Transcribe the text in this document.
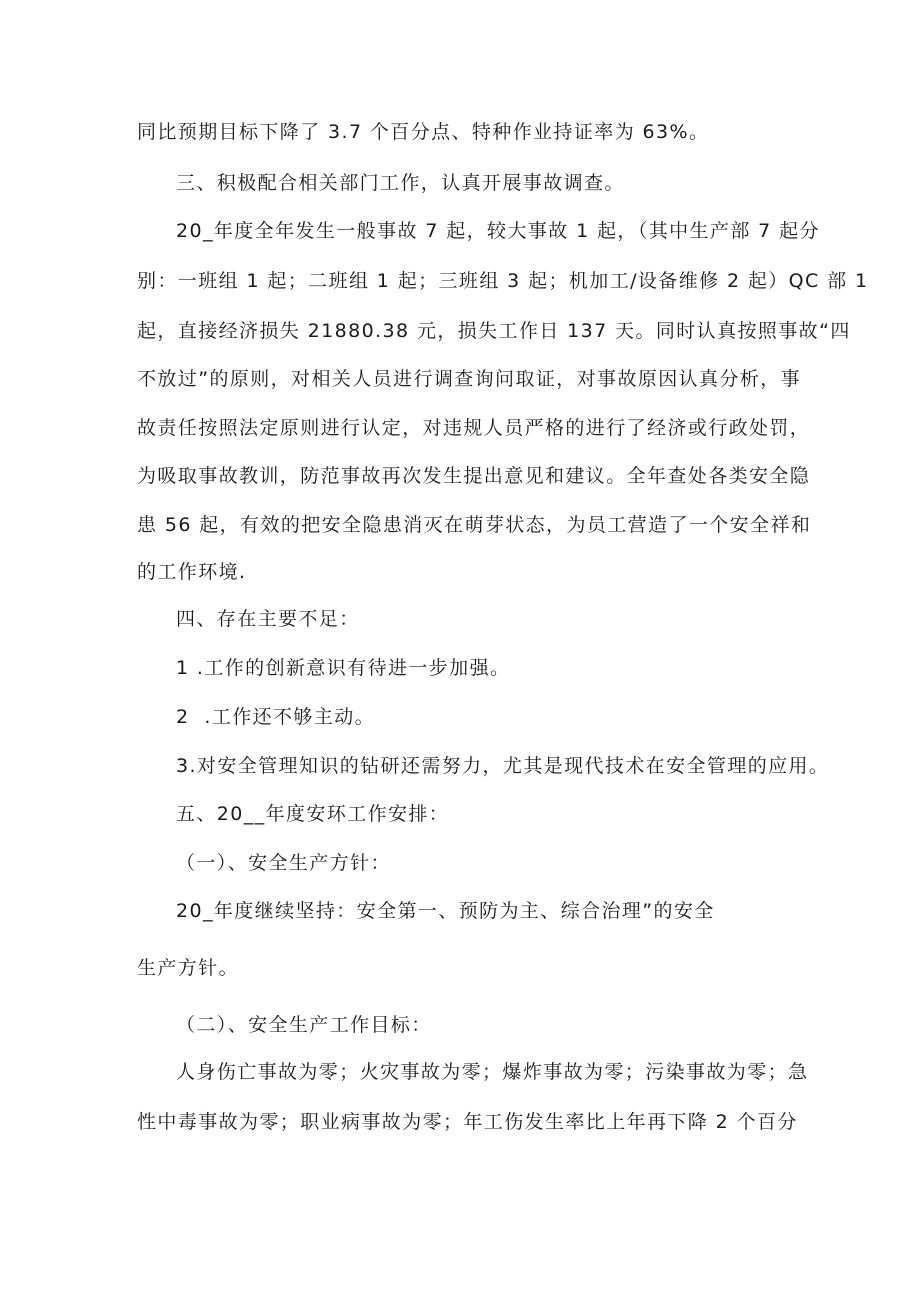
同比预期目标下降了 3.7 个百分点、特种作业持证率为 63%。
三、积极配合相关部门工作，认真开展事故调查。
20_年度全年发生一般事故 7 起，较大事故 1 起，（其中生产部 7 起分
别：一班组 1 起；二班组 1 起；三班组 3 起；机加工/设备维修 2 起）QC 部 1
起，直接经济损失 21880.38 元，损失工作日 137 天。同时认真按照事故“四
不放过”的原则，对相关人员进行调查询问取证，对事故原因认真分析，事
故责任按照法定原则进行认定，对违规人员严格的进行了经济或行政处罚，
为吸取事故教训，防范事故再次发生提出意见和建议。全年查处各类安全隐
患 56 起，有效的把安全隐患消灭在萌芽状态，为员工营造了一个安全祥和
的工作环境.
四、存在主要不足：
1 .工作的创新意识有待进一步加强。
2  .工作还不够主动。
3.对安全管理知识的钻研还需努力，尤其是现代技术在安全管理的应用。
五、20__年度安环工作安排：
（一）、安全生产方针：
20_年度继续坚持：安全第一、预防为主、综合治理”的安全
生产方针。
（二）、安全生产工作目标：
人身伤亡事故为零；火灾事故为零；爆炸事故为零；污染事故为零；急
性中毒事故为零；职业病事故为零；年工伤发生率比上年再下降 2 个百分
